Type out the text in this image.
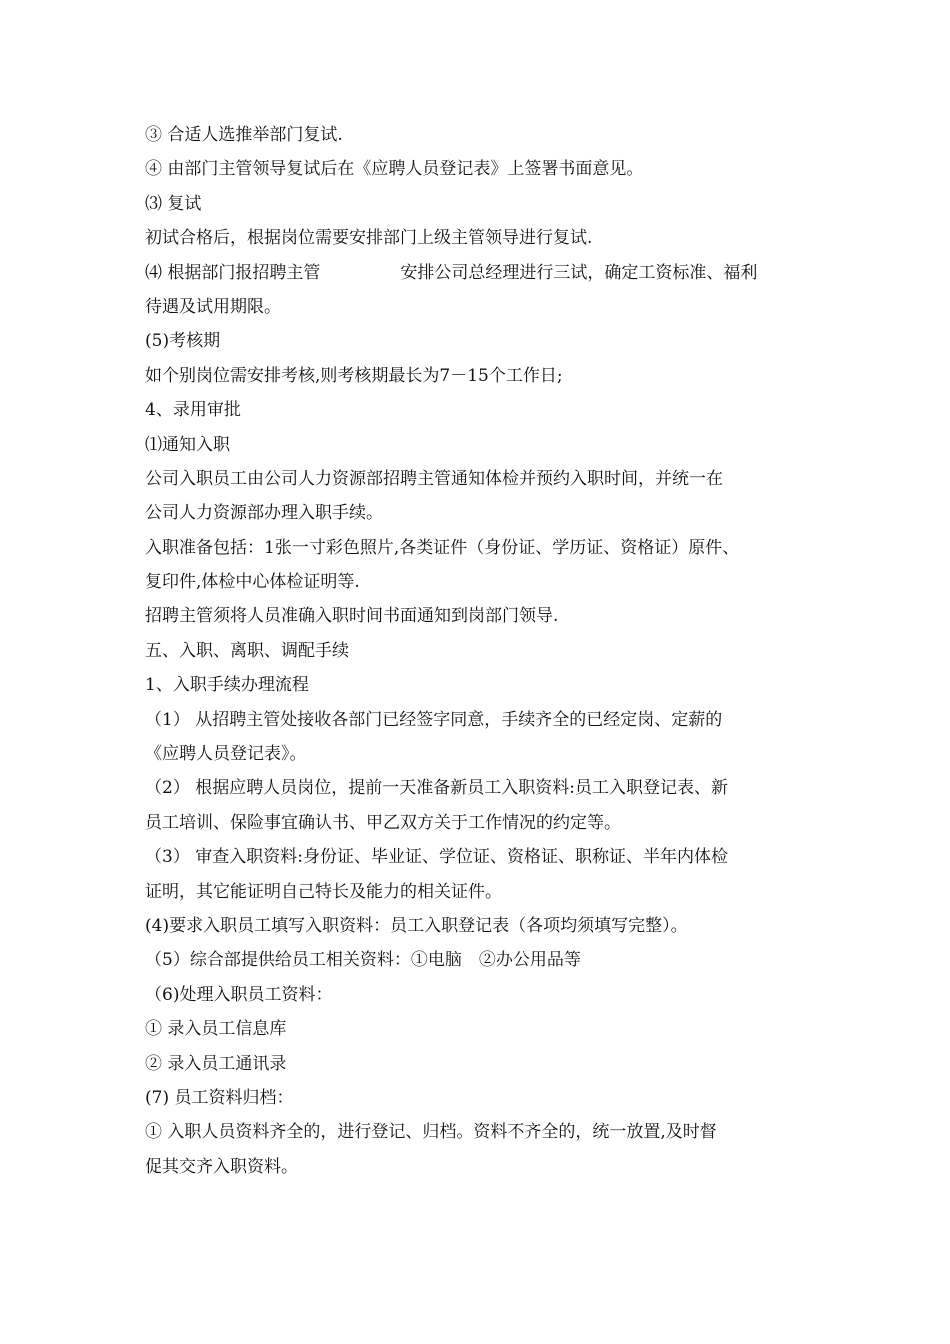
③ 合适人选推举部门复试.
④ 由部门主管领导复试后在《应聘人员登记表》上签署书面意见。
⑶ 复试
初试合格后，根据岗位需要安排部门上级主管领导进行复试.
⑷ 根据部门报招聘主管	安排公司总经理进行三试，确定工资标准、福利
待遇及试用期限。
(5)考核期
如个别岗位需安排考核,则考核期最长为7－15个工作日;
4、录用审批
⑴通知入职
公司入职员工由公司人力资源部招聘主管通知体检并预约入职时间，并统一在
公司人力资源部办理入职手续。
入职准备包括：1张一寸彩色照片,各类证件（身份证、学历证、资格证）原件、
复印件,体检中心体检证明等.
招聘主管须将人员准确入职时间书面通知到岗部门领导.
五、入职、离职、调配手续
1、入职手续办理流程
（1） 从招聘主管处接收各部门已经签字同意，手续齐全的已经定岗、定薪的
《应聘人员登记表》。
（2） 根据应聘人员岗位，提前一天准备新员工入职资料:员工入职登记表、新
员工培训、保险事宜确认书、甲乙双方关于工作情况的约定等。
（3） 审查入职资料:身份证、毕业证、学位证、资格证、职称证、半年内体检
证明，其它能证明自己特长及能力的相关证件。
(4)要求入职员工填写入职资料：员工入职登记表（各项均须填写完整）。
（5）综合部提供给员工相关资料：①电脑　②办公用品等
（6)处理入职员工资料：
① 录入员工信息库
② 录入员工通讯录
(7) 员工资料归档：
① 入职人员资料齐全的，进行登记、归档。资料不齐全的，统一放置,及时督
促其交齐入职资料。
